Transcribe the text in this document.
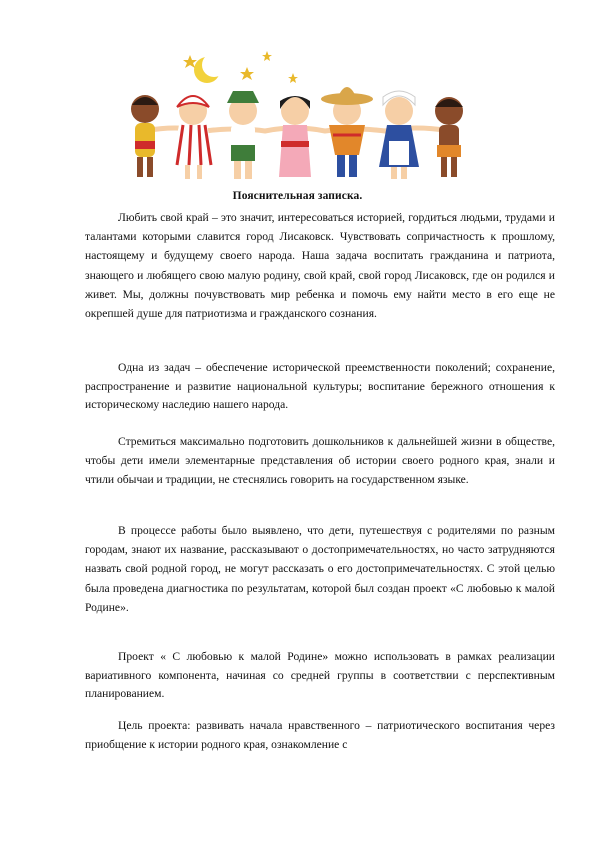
Пояснительная записка.

Любить свой край – это значит, интересоваться историей, гордиться людьми, трудами и талантами которыми славится город Лисаковск. Чувствовать сопричастность к прошлому, настоящему и будущему своего народа. Наша задача воспитать гражданина и патриота, знающего и любящего свою малую родину, свой край, свой город Лисаковск, где он родился и живет. Мы, должны почувствовать мир ребенка и помочь ему найти место в его еще не окрепшей душе для патриотизма и гражданского сознания.

Одна из задач – обеспечение исторической преемственности поколений; сохранение, распространение и развитие национальной культуры; воспитание бережного отношения к историческому наследию нашего народа.

Стремиться максимально подготовить дошкольников к дальнейшей жизни в обществе, чтобы дети имели элементарные представления об истории своего родного края, знали и чтили обычаи и традиции, не стеснялись говорить на государственном языке.

В процессе работы было выявлено, что дети, путешествуя с родителями по разным городам, знают их название, рассказывают о достопримечательностях, но часто затрудняются назвать свой родной город, не могут рассказать о его достопримечательностях. С этой целью была проведена диагностика по результатам, которой был создан проект «С любовью к малой Родине».

Проект « С любовью к малой Родине» можно использовать в рамках реализации вариативного компонента, начиная со средней группы в соответствии с перспективным планированием.

Цель проекта: развивать начала нравственного – патриотического воспитания через приобщение к истории родного края, ознакомление с
